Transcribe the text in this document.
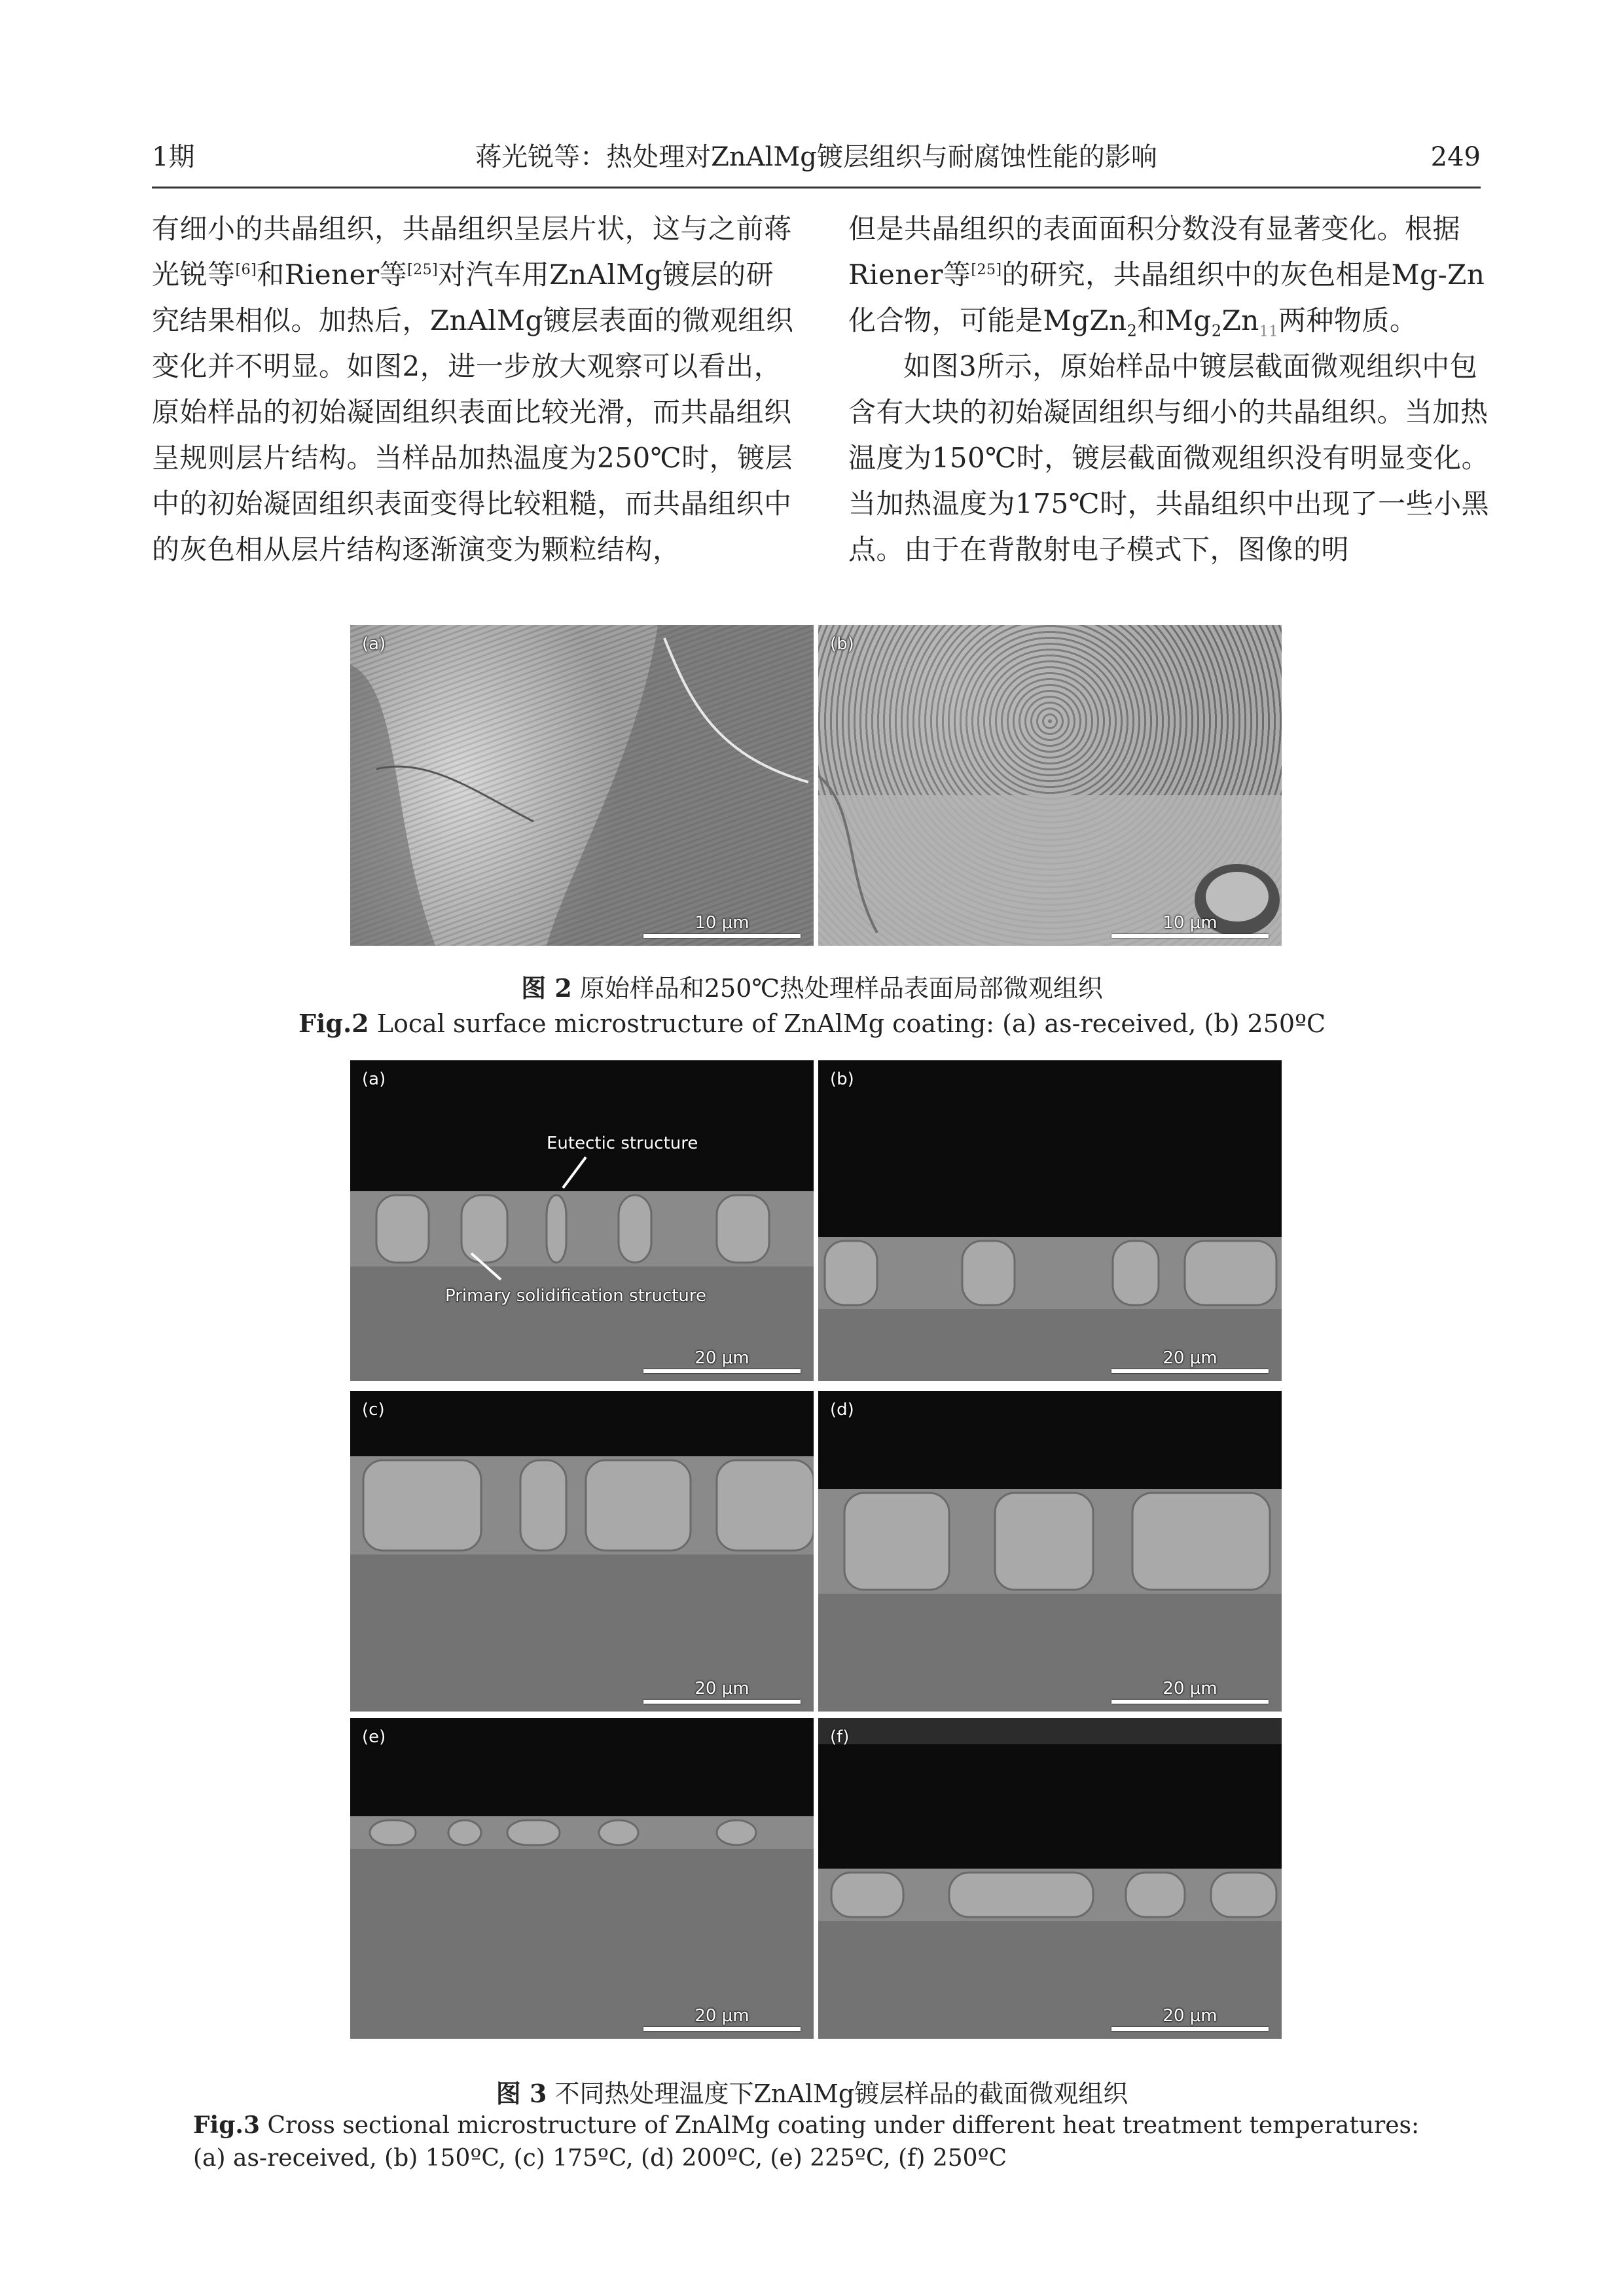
1期	蒋光锐等：热处理对ZnAlMg镀层组织与耐腐蚀性能的影响	249

有细小的共晶组织，共晶组织呈层片状，这与之前蒋光锐等[6]和Riener等[25]对汽车用ZnAlMg镀层的研究结果相似。加热后，ZnAlMg镀层表面的微观组织变化并不明显。如图2，进一步放大观察可以看出，原始样品的初始凝固组织表面比较光滑，而共晶组织呈规则层片结构。当样品加热温度为250℃时，镀层中的初始凝固组织表面变得比较粗糙，而共晶组织中的灰色相从层片结构逐渐演变为颗粒结构，

但是共晶组织的表面面积分数没有显著变化。根据Riener等[25]的研究，共晶组织中的灰色相是Mg-Zn化合物，可能是MgZn$_2$和$Mg_2Zn_{11}$两种物质。

如图3所示，原始样品中镀层截面微观组织中包含有大块的初始凝固组织与细小的共晶组织。当加热温度为150℃时，镀层截面微观组织没有明显变化。当加热温度为175℃时，共晶组织中出现了一些小黑点。由于在背散射电子模式下，图像的明

(a)
10 μm
(b)
10 μm
图 2 原始样品和250℃热处理样品表面局部微观组织
Fig.2 Local surface microstructure of ZnAlMg coating: (a) as-received, (b) 250ºC
(a)
20 μm
Eutectic structure
Primary solidification structure
(b)
20 μm
(c)
20 μm
(d)
20 μm
(e)
20 μm
(f)
20 μm
图 3 不同热处理温度下ZnAlMg镀层样品的截面微观组织
Fig.3 Cross sectional microstructure of ZnAlMg coating under different heat treatment temperatures: (a) as-received, (b) 150ºC, (c) 175ºC, (d) 200ºC, (e) 225ºC, (f) 250ºC
